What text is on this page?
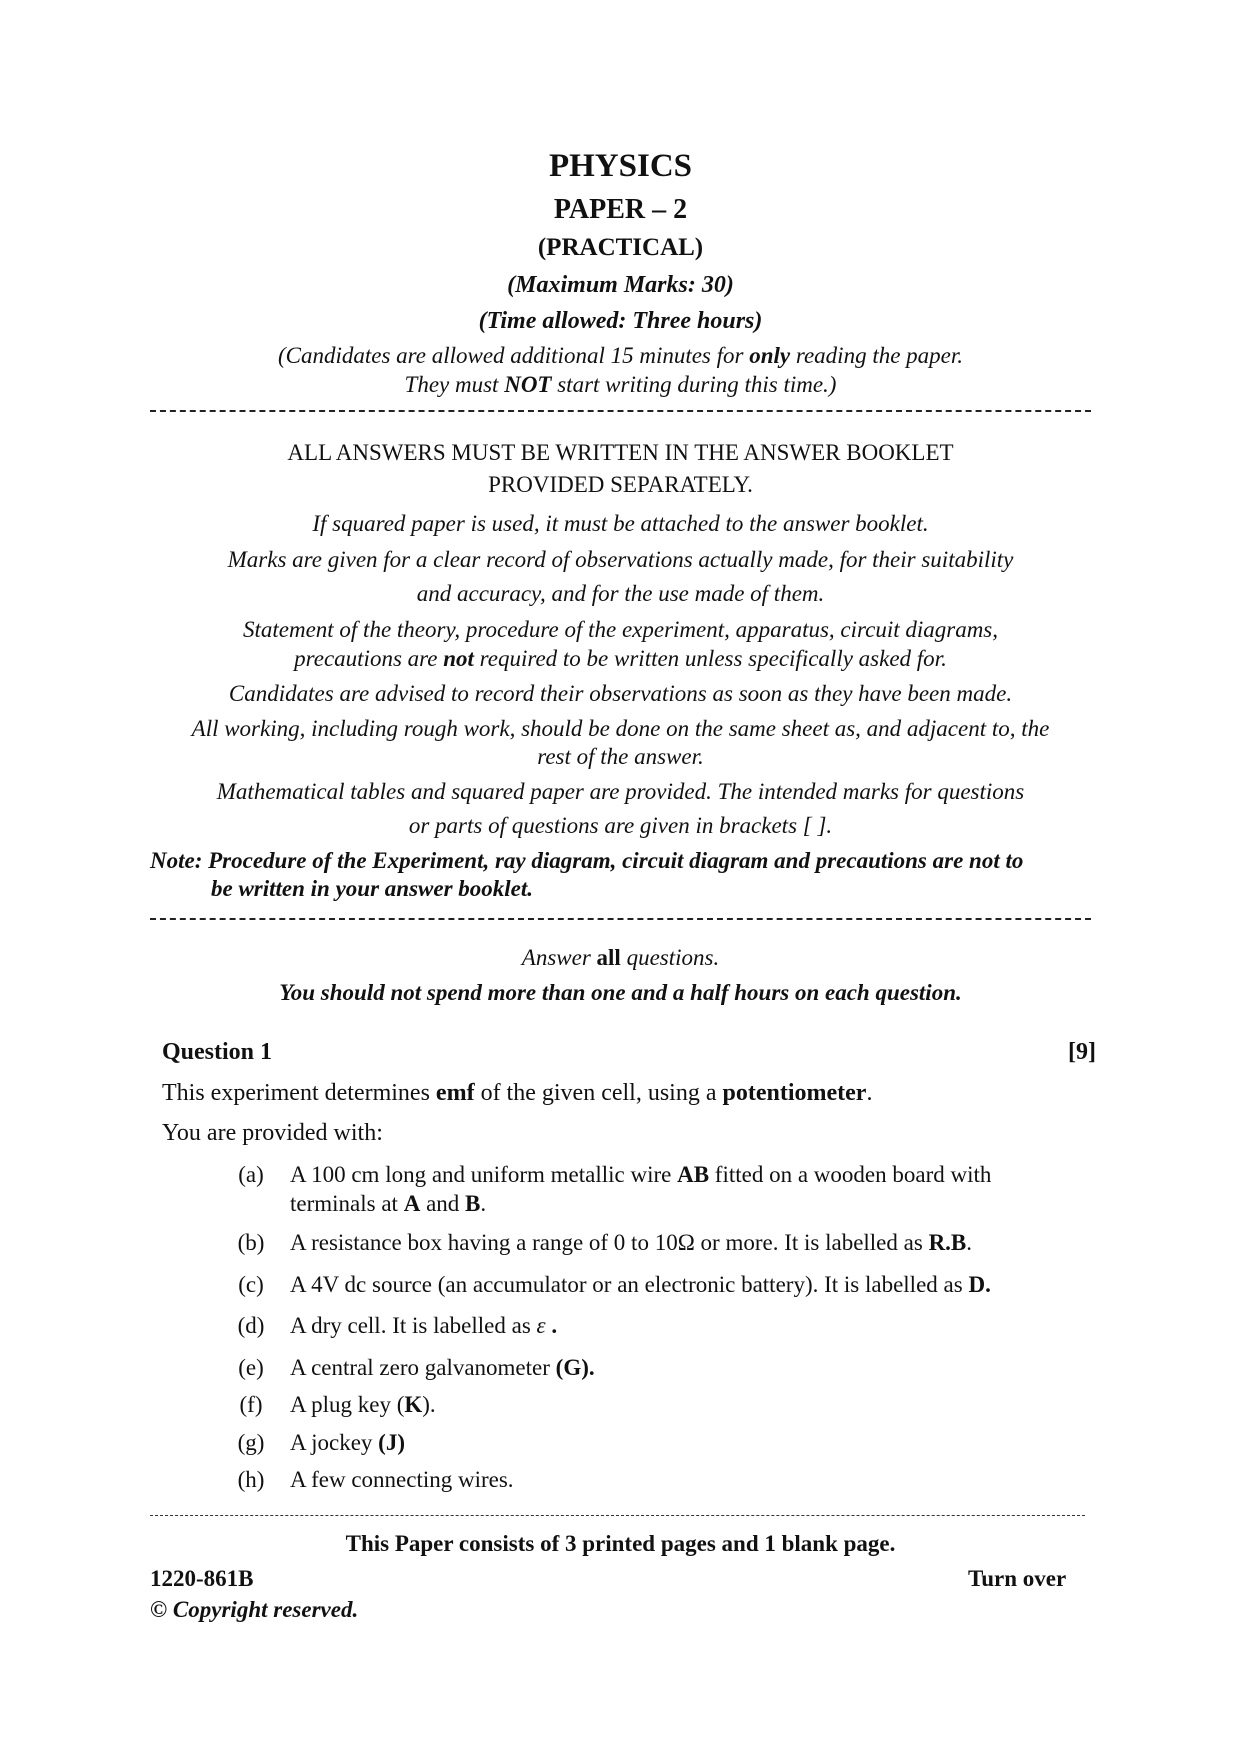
PHYSICS
PAPER – 2
(PRACTICAL)
(Maximum Marks: 30)
(Time allowed: Three hours)
(Candidates are allowed additional 15 minutes for only reading the paper.
They must NOT start writing during this time.)
ALL ANSWERS MUST BE WRITTEN IN THE ANSWER BOOKLET
PROVIDED SEPARATELY.
If squared paper is used, it must be attached to the answer booklet.
Marks are given for a clear record of observations actually made, for their suitability
and accuracy, and for the use made of them.
Statement of the theory, procedure of the experiment, apparatus, circuit diagrams,
precautions are not required to be written unless specifically asked for.
Candidates are advised to record their observations as soon as they have been made.
All working, including rough work, should be done on the same sheet as, and adjacent to, the
rest of the answer.
Mathematical tables and squared paper are provided. The intended marks for questions
or parts of questions are given in brackets [ ].
Note: Procedure of the Experiment, ray diagram, circuit diagram and precautions are not to
be written in your answer booklet.
Answer all questions.
You should not spend more than one and a half hours on each question.
Question 1	[9]
This experiment determines emf of the given cell, using a potentiometer.
You are provided with:
(a) A 100 cm long and uniform metallic wire AB fitted on a wooden board with
terminals at A and B.
(b) A resistance box having a range of 0 to 10Ω or more. It is labelled as R.B.
(c) A 4V dc source (an accumulator or an electronic battery). It is labelled as D.
(d) A dry cell. It is labelled as ε .
(e) A central zero galvanometer (G).
(f) A plug key (K).
(g) A jockey (J)
(h) A few connecting wires.
This Paper consists of 3 printed pages and 1 blank page.
1220-861B	Turn over
© Copyright reserved.
